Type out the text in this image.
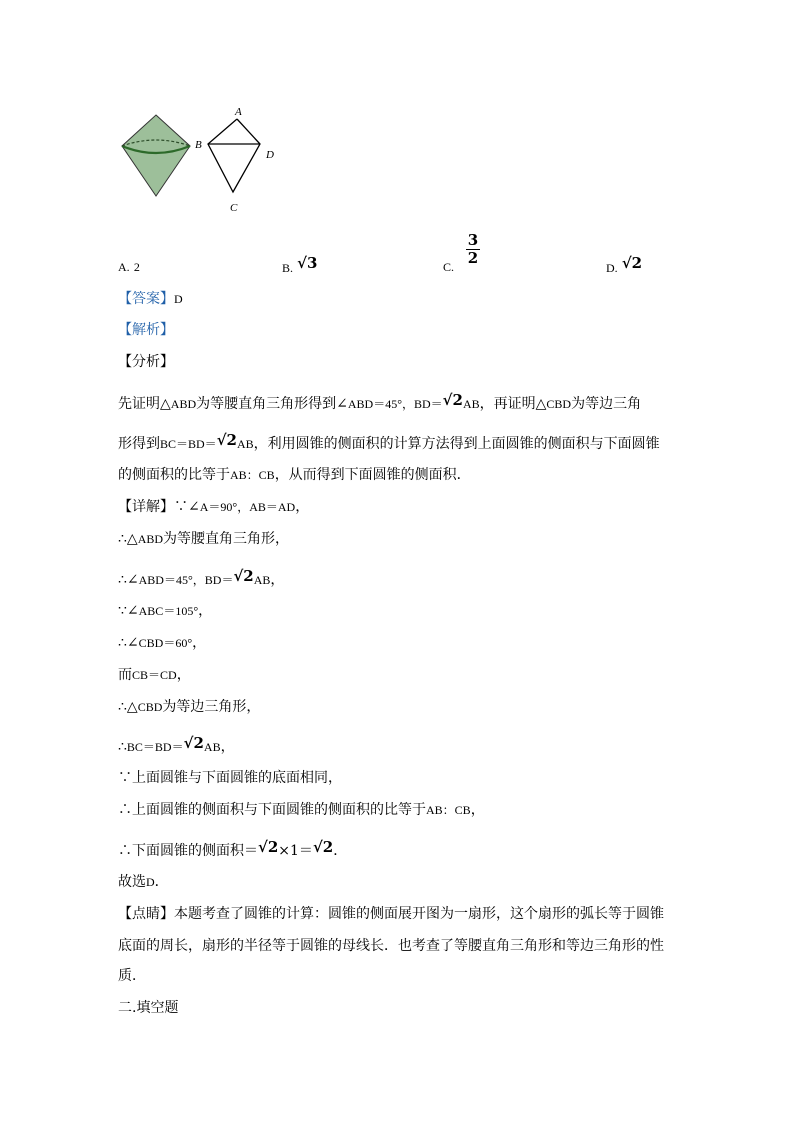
A
B
D
C
A. 2	B. √3	C. $\frac{3}{2}$
D. √2
【答案】D
【解析】
【分析】
先证明△ABD为等腰直角三角形得到∠ABD＝45°，BD＝√2AB，再证明△CBD为等边三角
形得到BC＝BD＝√2AB，利用圆锥的侧面积的计算方法得到上面圆锥的侧面积与下面圆锥
的侧面积的比等于AB：CB，从而得到下面圆锥的侧面积．
【详解】∵∠A＝90°，AB＝AD，
∴△ABD为等腰直角三角形，
∴∠ABD＝45°，BD＝√2AB，
∵∠ABC＝105°，
∴∠CBD＝60°，
而CB＝CD，
∴△CBD为等边三角形，
∴BC＝BD＝√2AB，
∵上面圆锥与下面圆锥的底面相同，
∴上面圆锥的侧面积与下面圆锥的侧面积的比等于AB：CB，
∴下面圆锥的侧面积＝√2×1＝√2．
故选D．
【点睛】本题考查了圆锥的计算：圆锥的侧面展开图为一扇形，这个扇形的弧长等于圆锥
底面的周长，扇形的半径等于圆锥的母线长．也考查了等腰直角三角形和等边三角形的性
质．
二.填空题
